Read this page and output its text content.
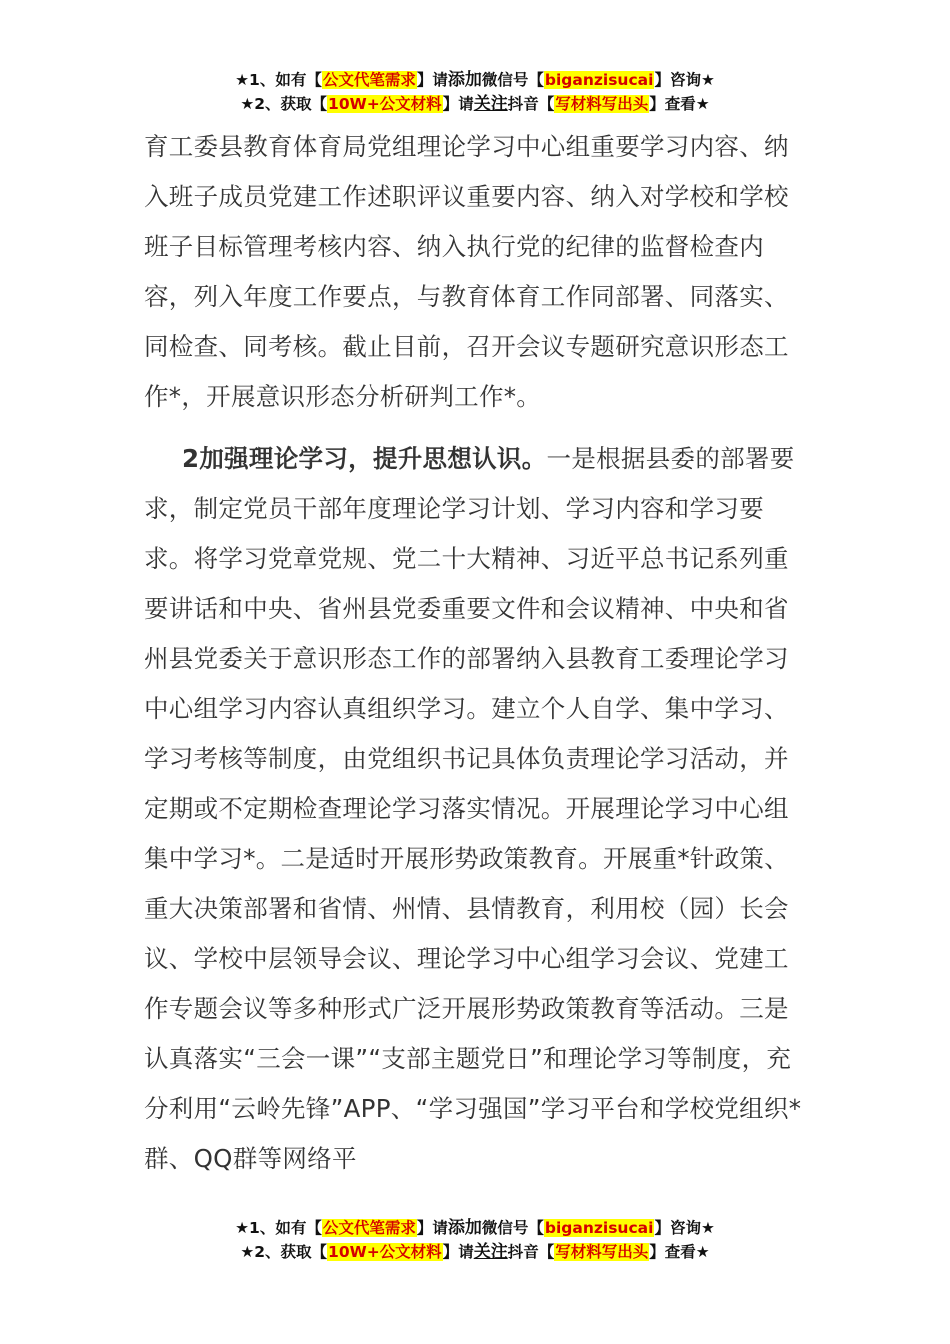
★1、如有【公文代笔需求】请添加微信号【biganzisucai】咨询★
★2、获取【10W+公文材料】请关注抖音【写材料写出头】查看★

育工委县教育体育局党组理论学习中心组重要学习内容、纳入班子成员党建工作述职评议重要内容、纳入对学校和学校班子目标管理考核内容、纳入执行党的纪律的监督检查内容，列入年度工作要点，与教育体育工作同部署、同落实、同检查、同考核。截止目前，召开会议专题研究意识形态工作*，开展意识形态分析研判工作*。

2加强理论学习，提升思想认识。一是根据县委的部署要求，制定党员干部年度理论学习计划、学习内容和学习要求。将学习党章党规、党二十大精神、习近平总书记系列重要讲话和中央、省州县党委重要文件和会议精神、中央和省州县党委关于意识形态工作的部署纳入县教育工委理论学习中心组学习内容认真组织学习。建立个人自学、集中学习、学习考核等制度，由党组织书记具体负责理论学习活动，并定期或不定期检查理论学习落实情况。开展理论学习中心组集中学习*。二是适时开展形势政策教育。开展重*针政策、重大决策部署和省情、州情、县情教育，利用校（园）长会议、学校中层领导会议、理论学习中心组学习会议、党建工作专题会议等多种形式广泛开展形势政策教育等活动。三是认真落实“三会一课”“支部主题党日”和理论学习等制度，充分利用“云岭先锋”APP、“学习强国”学习平台和学校党组织*群、QQ群等网络平

★1、如有【公文代笔需求】请添加微信号【biganzisucai】咨询★
★2、获取【10W+公文材料】请关注抖音【写材料写出头】查看★
